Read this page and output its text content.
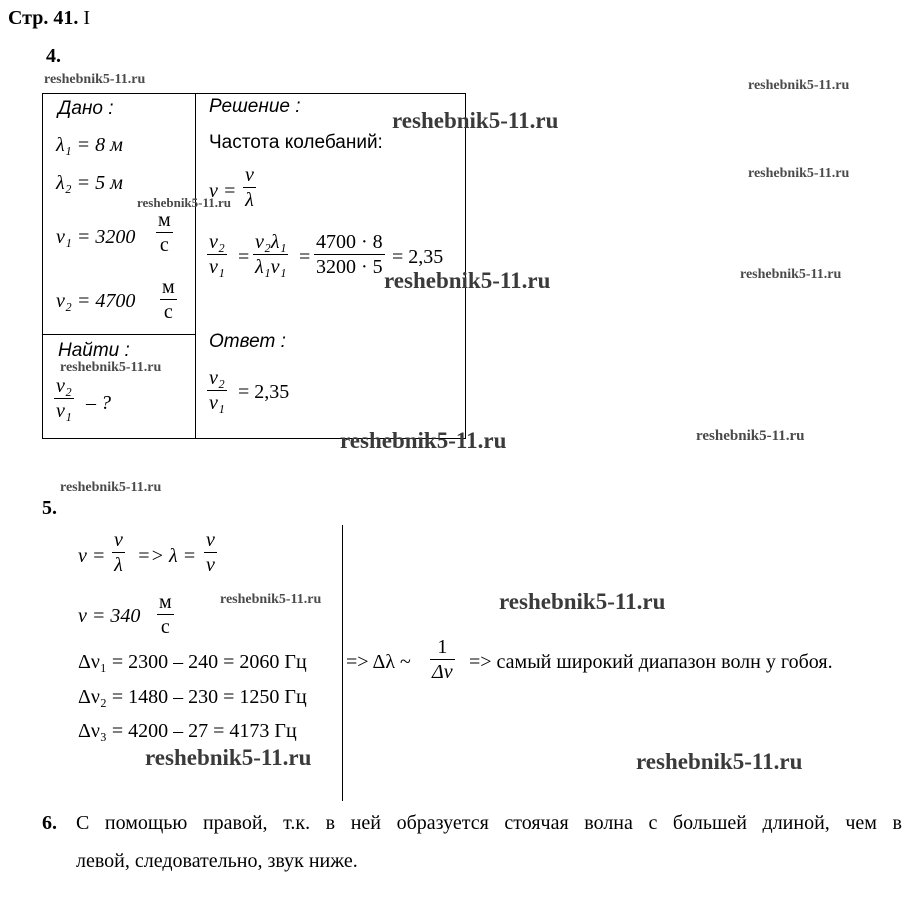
Стр. 41. I
4.
Дано :
λ₁ = 8 м
λ₂ = 5 м
v₁ = 3200
м
с
v₂ = 4700
м
с
Найти :
ν₂
ν₁ – ?
Решение :
Частота колебаний:
ν =
v
λ
ν₂
ν₁ =
v₂λ₁
λ₁v₁ =
4700 · 8
3200 · 5 = 2,35
Ответ :
ν₂
ν₁ = 2,35
5.
ν =
v
λ => λ =
v
ν
v = 340
м
с
Δν₁ = 2300 – 240 = 2060 Гц => Δλ ~
1
Δν => самый широкий диапазон волн у гобоя.
Δν₂ = 1480 – 230 = 1250 Гц
Δν₃ = 4200 – 27 = 4173 Гц
6. С помощью правой, т.к. в ней образуется стоячая волна с большей длиной, чем в
левой, следовательно, звук ниже.
reshebnik5-11.ru	reshebnik5-11.ru
reshebnik5-11.ru
reshebnik5-11.ru
reshebnik5-11.ru
reshebnik5-11.ru
reshebnik5-11.ru
reshebnik5-11.ru
reshebnik5-11.ru	reshebnik5-11.ru
reshebnik5-11.ru
reshebnik5-11.ru	reshebnik5-11.ru
reshebnik5-11.ru	reshebnik5-11.ru
